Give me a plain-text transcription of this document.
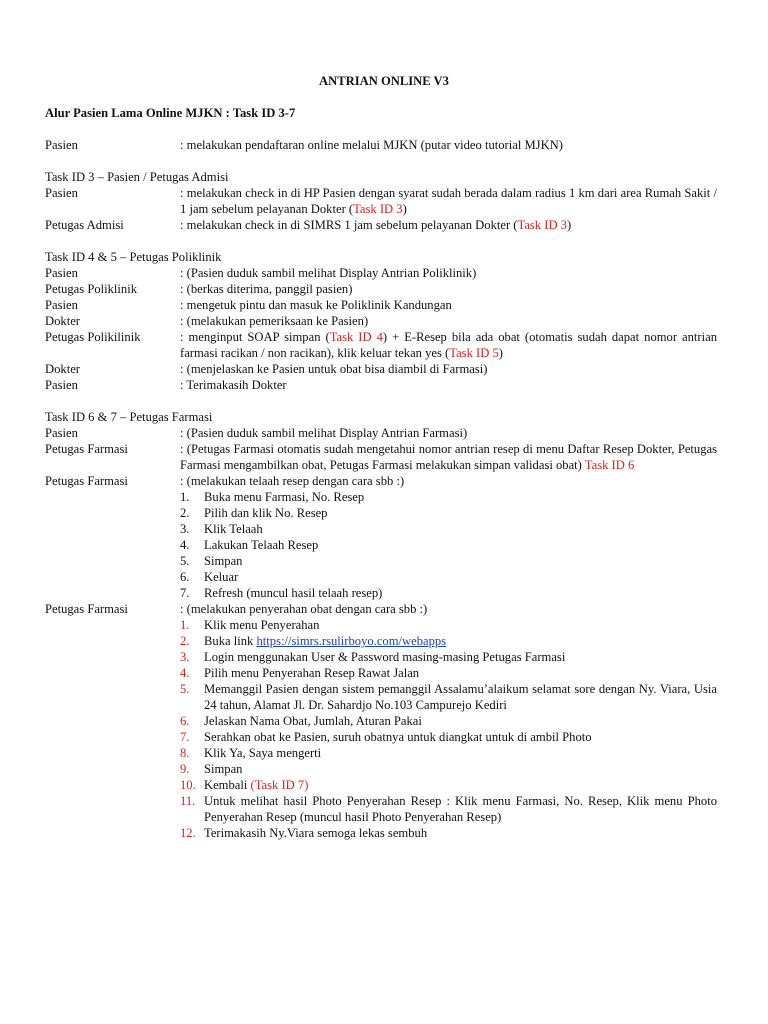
ANTRIAN ONLINE V3
Alur Pasien Lama Online MJKN : Task ID 3-7
Pasien	: melakukan pendaftaran online melalui MJKN (putar video tutorial MJKN)
Task ID 3 – Pasien / Petugas Admisi
Pasien	: melakukan check in di HP Pasien dengan syarat sudah berada dalam radius 1 km dari area Rumah Sakit / 1 jam sebelum pelayanan Dokter (Task ID 3)
Petugas Admisi	: melakukan check in di SIMRS 1 jam sebelum pelayanan Dokter (Task ID 3)
Task ID 4 & 5 – Petugas Poliklinik
Pasien	: (Pasien duduk sambil melihat Display Antrian Poliklinik)
Petugas Poliklinik	: (berkas diterima, panggil pasien)
Pasien	: mengetuk pintu dan masuk ke Poliklinik Kandungan
Dokter	: (melakukan pemeriksaan ke Pasien)
Petugas Polikilinik	: menginput SOAP simpan (Task ID 4) + E-Resep bila ada obat (otomatis sudah dapat nomor antrian farmasi racikan / non racikan), klik keluar tekan yes (Task ID 5)
Dokter	: (menjelaskan ke Pasien untuk obat bisa diambil di Farmasi)
Pasien	: Terimakasih Dokter
Task ID 6 & 7 – Petugas Farmasi
Pasien	: (Pasien duduk sambil melihat Display Antrian Farmasi)
Petugas Farmasi	: (Petugas Farmasi otomatis sudah mengetahui nomor antrian resep di menu Daftar Resep Dokter, Petugas Farmasi mengambilkan obat, Petugas Farmasi melakukan simpan validasi obat) Task ID 6
Petugas Farmasi	: (melakukan telaah resep dengan cara sbb :)
1.	Buka menu Farmasi, No. Resep
2.	Pilih dan klik No. Resep
3.	Klik Telaah
4.	Lakukan Telaah Resep
5.	Simpan
6.	Keluar
7.	Refresh (muncul hasil telaah resep)
Petugas Farmasi	: (melakukan penyerahan obat dengan cara sbb :)
1.	Klik menu Penyerahan
2.	Buka link https://simrs.rsulirboyo.com/webapps
3.	Login menggunakan User & Password masing-masing Petugas Farmasi
4.	Pilih menu Penyerahan Resep Rawat Jalan
5.	Memanggil Pasien dengan sistem pemanggil Assalamu’alaikum selamat sore dengan Ny. Viara, Usia 24 tahun, Alamat Jl. Dr. Sahardjo No.103 Campurejo Kediri
6.	Jelaskan Nama Obat, Jumlah, Aturan Pakai
7.	Serahkan obat ke Pasien, suruh obatnya untuk diangkat untuk di ambil Photo
8.	Klik Ya, Saya mengerti
9.	Simpan
10. Kembali (Task ID 7)
11. Untuk melihat hasil Photo Penyerahan Resep : Klik menu Farmasi, No. Resep, Klik menu Photo Penyerahan Resep (muncul hasil Photo Penyerahan Resep)
12. Terimakasih Ny.Viara semoga lekas sembuh
